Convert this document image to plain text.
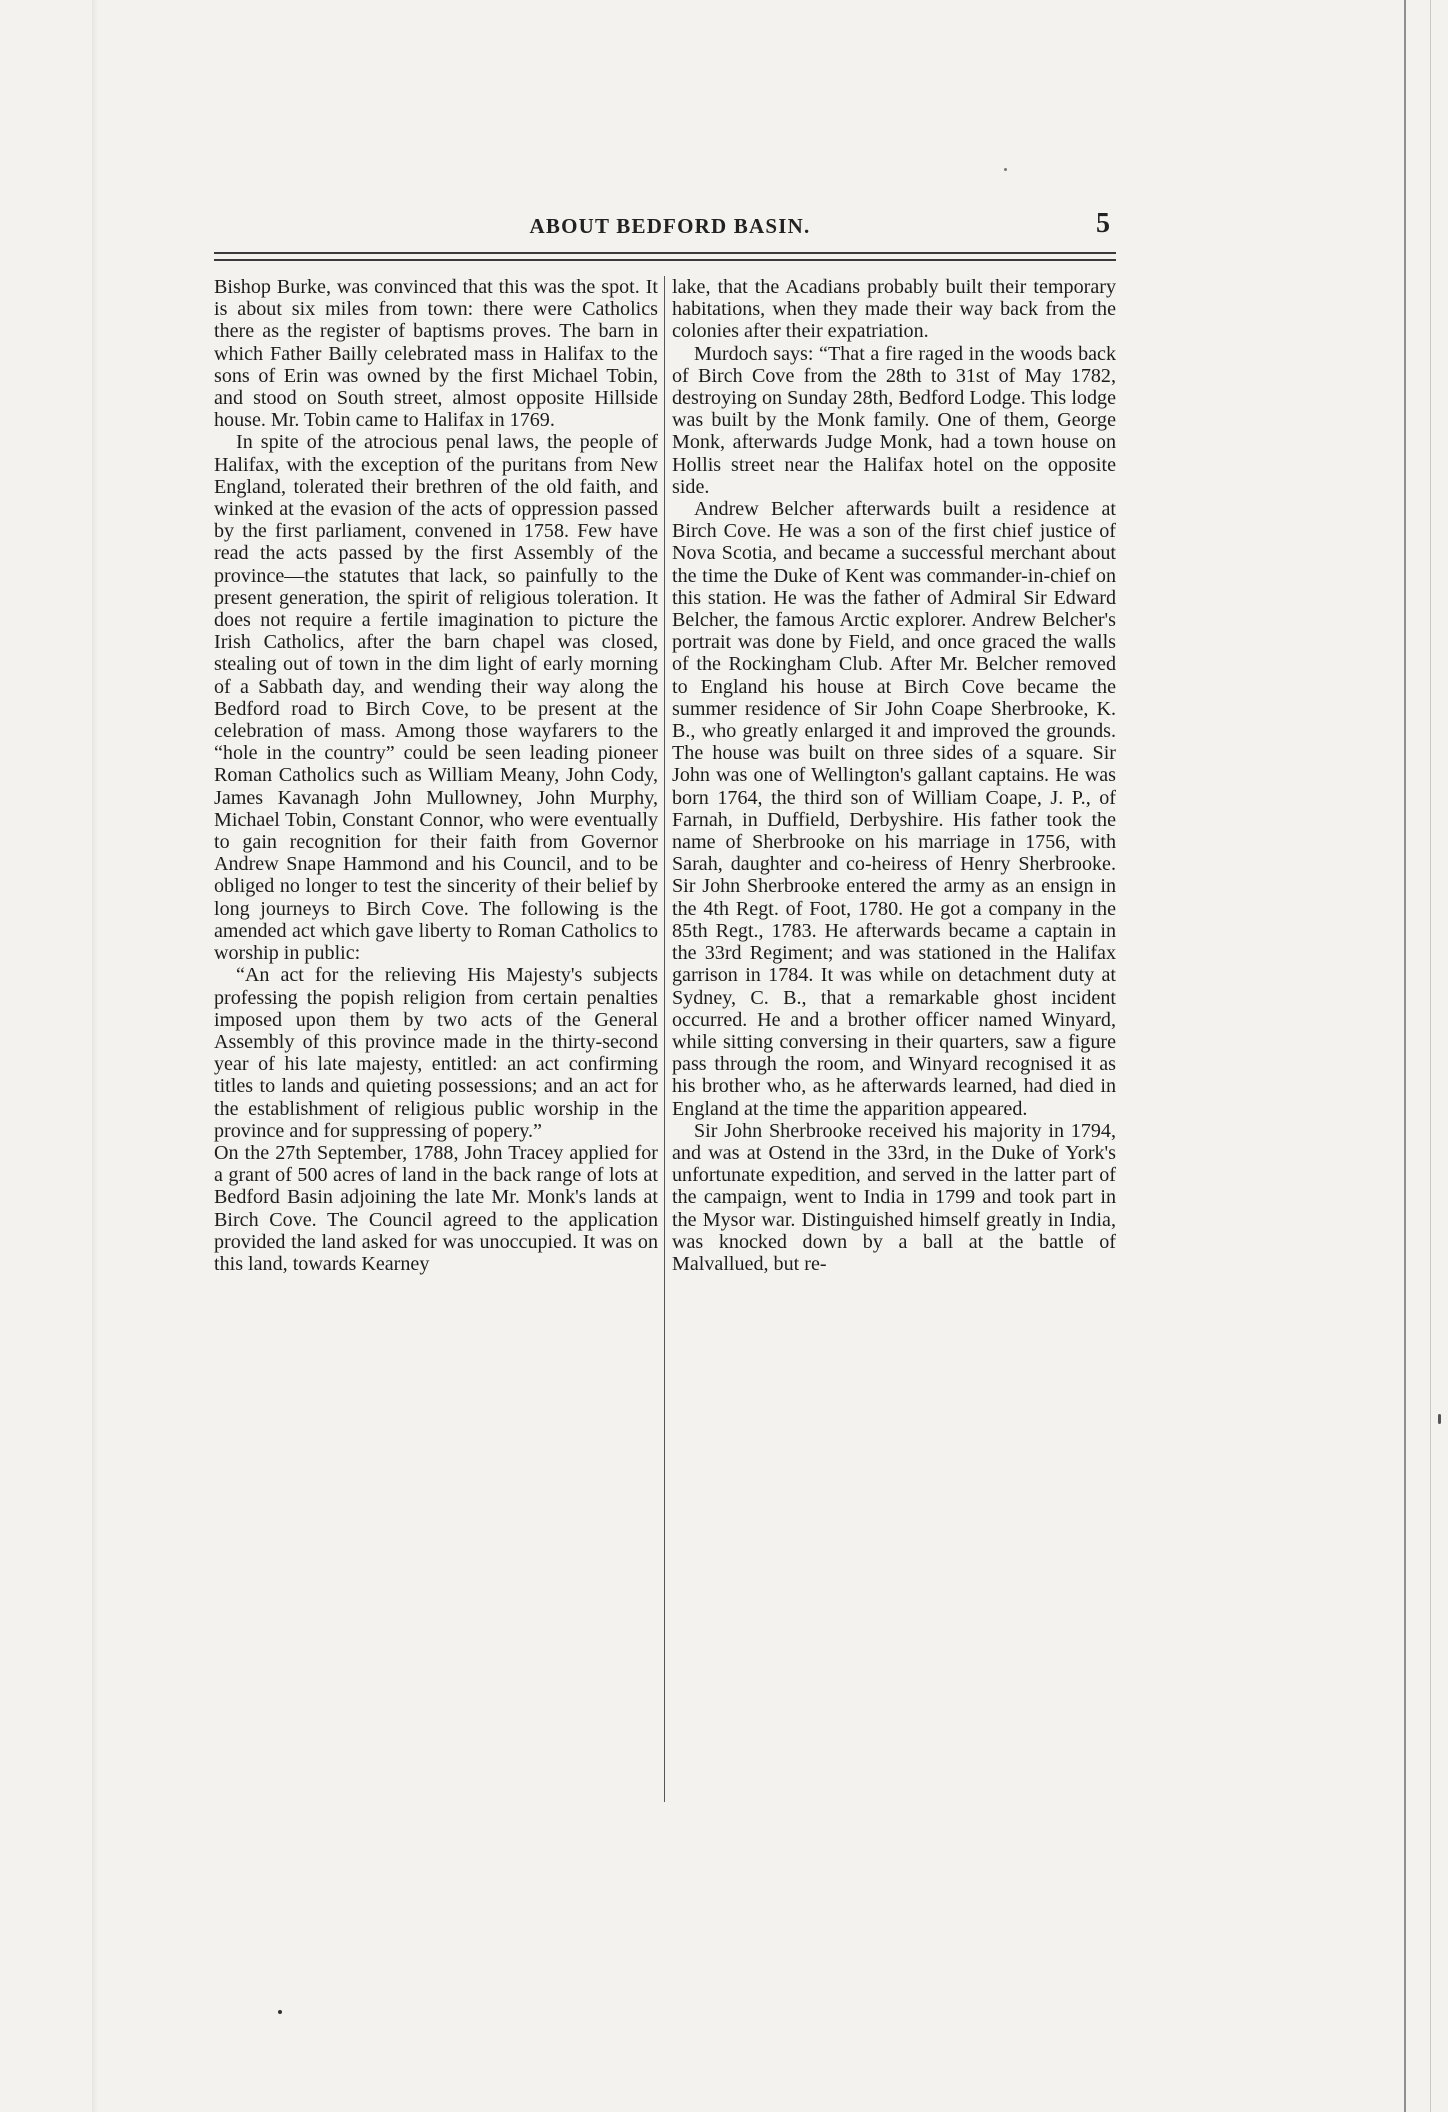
ABOUT BEDFORD BASIN.	5

Bishop Burke, was convinced that this was the spot. It is about six miles from town: there were Catholics there as the register of baptisms proves. The barn in which Father Bailly celebrated mass in Halifax to the sons of Erin was owned by the first Michael Tobin, and stood on South street, almost opposite Hillside house. Mr. Tobin came to Halifax in 1769.

In spite of the atrocious penal laws, the people of Halifax, with the exception of the puritans from New England, tolerated their brethren of the old faith, and winked at the evasion of the acts of oppression passed by the first parliament, convened in 1758. Few have read the acts passed by the first Assembly of the province—the statutes that lack, so painfully to the present generation, the spirit of religious toleration. It does not require a fertile imagination to picture the Irish Catholics, after the barn chapel was closed, stealing out of town in the dim light of early morning of a Sabbath day, and wending their way along the Bedford road to Birch Cove, to be present at the celebration of mass. Among those wayfarers to the “hole in the country” could be seen leading pioneer Roman Catholics such as William Meany, John Cody, James Kavanagh John Mullowney, John Murphy, Michael Tobin, Constant Connor, who were eventually to gain recognition for their faith from Governor Andrew Snape Hammond and his Council, and to be obliged no longer to test the sincerity of their belief by long journeys to Birch Cove. The following is the amended act which gave liberty to Roman Catholics to worship in public:

“An act for the relieving His Majesty's subjects professing the popish religion from certain penalties imposed upon them by two acts of the General Assembly of this province made in the thirty-second year of his late majesty, entitled: an act confirming titles to lands and quieting possessions; and an act for the establishment of religious public worship in the province and for suppressing of popery.”

On the 27th September, 1788, John Tracey applied for a grant of 500 acres of land in the back range of lots at Bedford Basin adjoining the late Mr. Monk's lands at Birch Cove. The Council agreed to the application provided the land asked for was unoccupied. It was on this land, towards Kearney

lake, that the Acadians probably built their temporary habitations, when they made their way back from the colonies after their expatriation.

Murdoch says: “That a fire raged in the woods back of Birch Cove from the 28th to 31st of May 1782, destroying on Sunday 28th, Bedford Lodge. This lodge was built by the Monk family. One of them, George Monk, afterwards Judge Monk, had a town house on Hollis street near the Halifax hotel on the opposite side.

Andrew Belcher afterwards built a residence at Birch Cove. He was a son of the first chief justice of Nova Scotia, and became a successful merchant about the time the Duke of Kent was commander-in-chief on this station. He was the father of Admiral Sir Edward Belcher, the famous Arctic explorer. Andrew Belcher's portrait was done by Field, and once graced the walls of the Rockingham Club. After Mr. Belcher removed to England his house at Birch Cove became the summer residence of Sir John Coape Sherbrooke, K. B., who greatly enlarged it and improved the grounds. The house was built on three sides of a square. Sir John was one of Wellington's gallant captains. He was born 1764, the third son of William Coape, J. P., of Farnah, in Duffield, Derbyshire. His father took the name of Sherbrooke on his marriage in 1756, with Sarah, daughter and co-heiress of Henry Sherbrooke. Sir John Sherbrooke entered the army as an ensign in the 4th Regt. of Foot, 1780. He got a company in the 85th Regt., 1783. He afterwards became a captain in the 33rd Regiment; and was stationed in the Halifax garrison in 1784. It was while on detachment duty at Sydney, C. B., that a remarkable ghost incident occurred. He and a brother officer named Winyard, while sitting conversing in their quarters, saw a figure pass through the room, and Winyard recognised it as his brother who, as he afterwards learned, had died in England at the time the apparition appeared.

Sir John Sherbrooke received his majority in 1794, and was at Ostend in the 33rd, in the Duke of York's unfortunate expedition, and served in the latter part of the campaign, went to India in 1799 and took part in the Mysor war. Distinguished himself greatly in India, was knocked down by a ball at the battle of Malvallued, but re-
